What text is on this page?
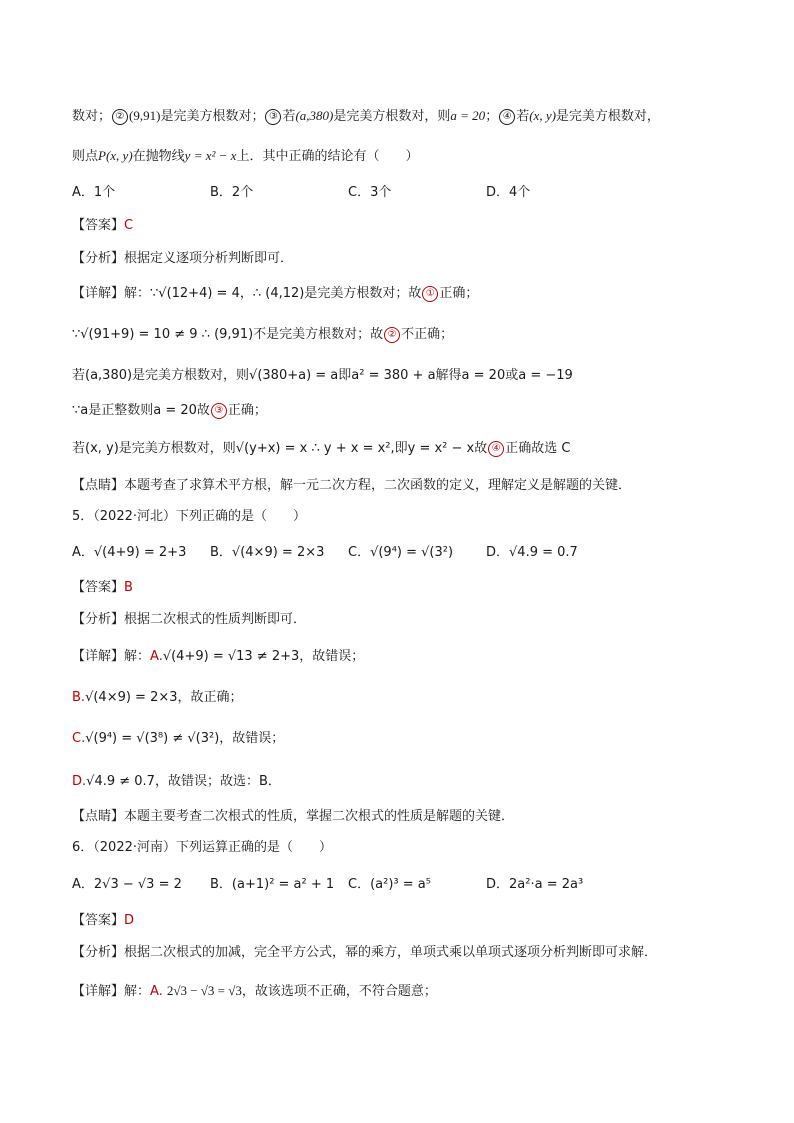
数对； ② (9,91)是完美方根数对； ③ 若(a,380)是完美方根数对，则a = 20； ④ 若(x, y)是完美方根数对，
则点P(x, y)在抛物线y = x² − x上．其中正确的结论有（　　）
A．1个	B．2个	C．3个	D．4个
【答案】C
【分析】根据定义逐项分析判断即可．
【详解】解：∵√(12+4) = 4，∴ (4,12)是完美方根数对；故 ① 正确；
∵√(91+9) = 10 ≠ 9 ∴ (9,91)不是完美方根数对；故 ② 不正确；
若(a,380)是完美方根数对，则√(380+a) = a即a² = 380 + a解得a = 20或a = −19
∵a是正整数则a = 20故 ③ 正确；
若(x, y)是完美方根数对，则√(y+x) = x ∴ y + x = x²,即y = x² − x故 ④ 正确故选 C
【点睛】本题考查了求算术平方根，解一元二次方程，二次函数的定义，理解定义是解题的关键．
5．（2022·河北）下列正确的是（　　）
A．√(4+9) = 2+3 B．√(4×9) = 2×3 C．√(9⁴) = √(3²)	D．√4.9 = 0.7
【答案】B
【分析】根据二次根式的性质判断即可．
【详解】解：A.√(4+9) = √13 ≠ 2+3，故错误；
B.√(4×9) = 2×3，故正确；
C.√(9⁴) = √(3⁸) ≠ √(3²)，故错误；
D.√4.9 ≠ 0.7，故错误；故选：B．
【点睛】本题主要考查二次根式的性质，掌握二次根式的性质是解题的关键．
6．（2022·河南）下列运算正确的是（　　）
A．2√3 − √3 = 2 B．(a+1)² = a² + 1 C．(a²)³ = a⁵	D．2a²·a = 2a³
【答案】D
【分析】根据二次根式的加减，完全平方公式，幂的乘方，单项式乘以单项式逐项分析判断即可求解．
【详解】解：A. 2√3 − √3 = √3，故该选项不正确，不符合题意；
